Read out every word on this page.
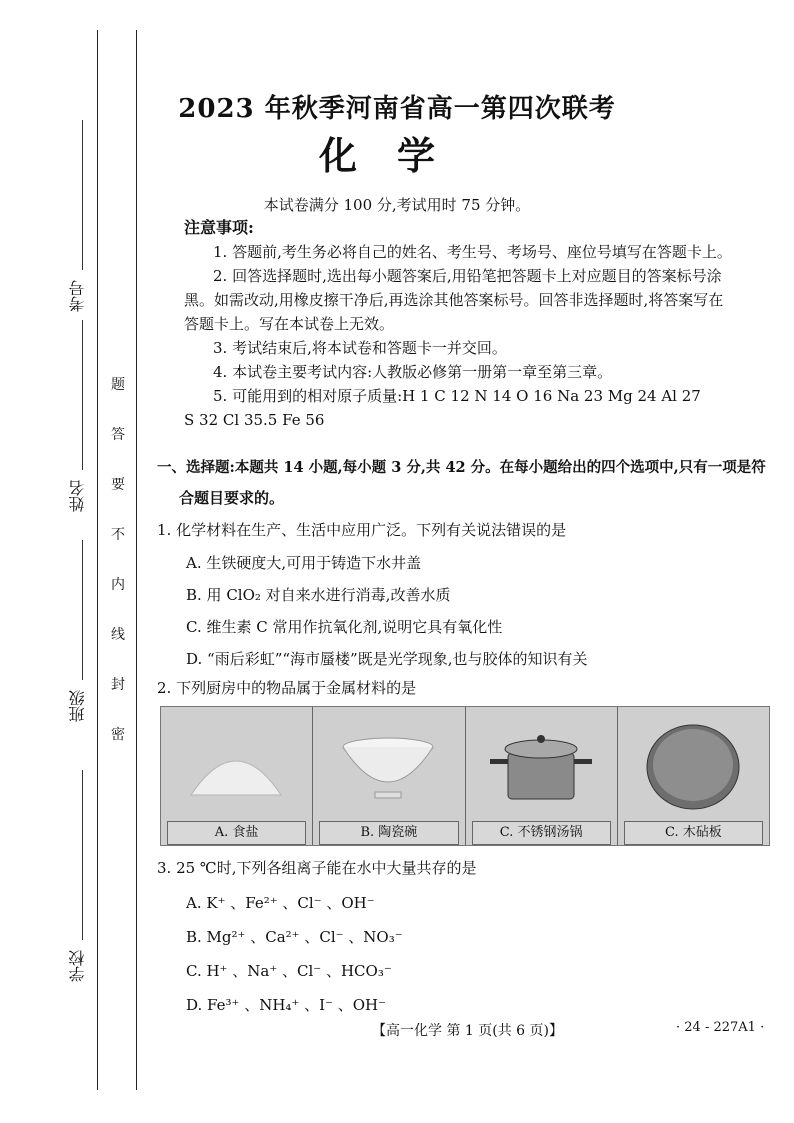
考号
姓名
班级
学校
题
答
要
不
内
线
封
密
2023 年秋季河南省高一第四次联考
化学
本试卷满分 100 分,考试用时 75 分钟。
注意事项:
1. 答题前,考生务必将自己的姓名、考生号、考场号、座位号填写在答题卡上。
2. 回答选择题时,选出每小题答案后,用铅笔把答题卡上对应题目的答案标号涂
黑。如需改动,用橡皮擦干净后,再选涂其他答案标号。回答非选择题时,将答案写在
答题卡上。写在本试卷上无效。
3. 考试结束后,将本试卷和答题卡一并交回。
4. 本试卷主要考试内容:人教版必修第一册第一章至第三章。
5. 可能用到的相对原子质量:H 1 C 12 N 14 O 16 Na 23 Mg 24 Al 27
S 32 Cl 35.5 Fe 56
一、选择题:本题共 14 小题,每小题 3 分,共 42 分。在每小题给出的四个选项中,只有一项是符
合题目要求的。
1. 化学材料在生产、生活中应用广泛。下列有关说法错误的是
A. 生铁硬度大,可用于铸造下水井盖
B. 用 ClO₂ 对自来水进行消毒,改善水质
C. 维生素 C 常用作抗氧化剂,说明它具有氧化性
D. “雨后彩虹”“海市蜃楼”既是光学现象,也与胶体的知识有关
2. 下列厨房中的物品属于金属材料的是
A. 食盐	B. 陶瓷碗	C. 不锈钢汤锅	C. 木砧板
3. 25 ℃时,下列各组离子能在水中大量共存的是
A. K⁺ 、Fe²⁺ 、Cl⁻ 、OH⁻
B. Mg²⁺ 、Ca²⁺ 、Cl⁻ 、NO₃⁻
C. H⁺ 、Na⁺ 、Cl⁻ 、HCO₃⁻
D. Fe³⁺ 、NH₄⁺ 、I⁻ 、OH⁻
【高一化学 第 1 页(共 6 页)】	· 24 - 227A1 ·
